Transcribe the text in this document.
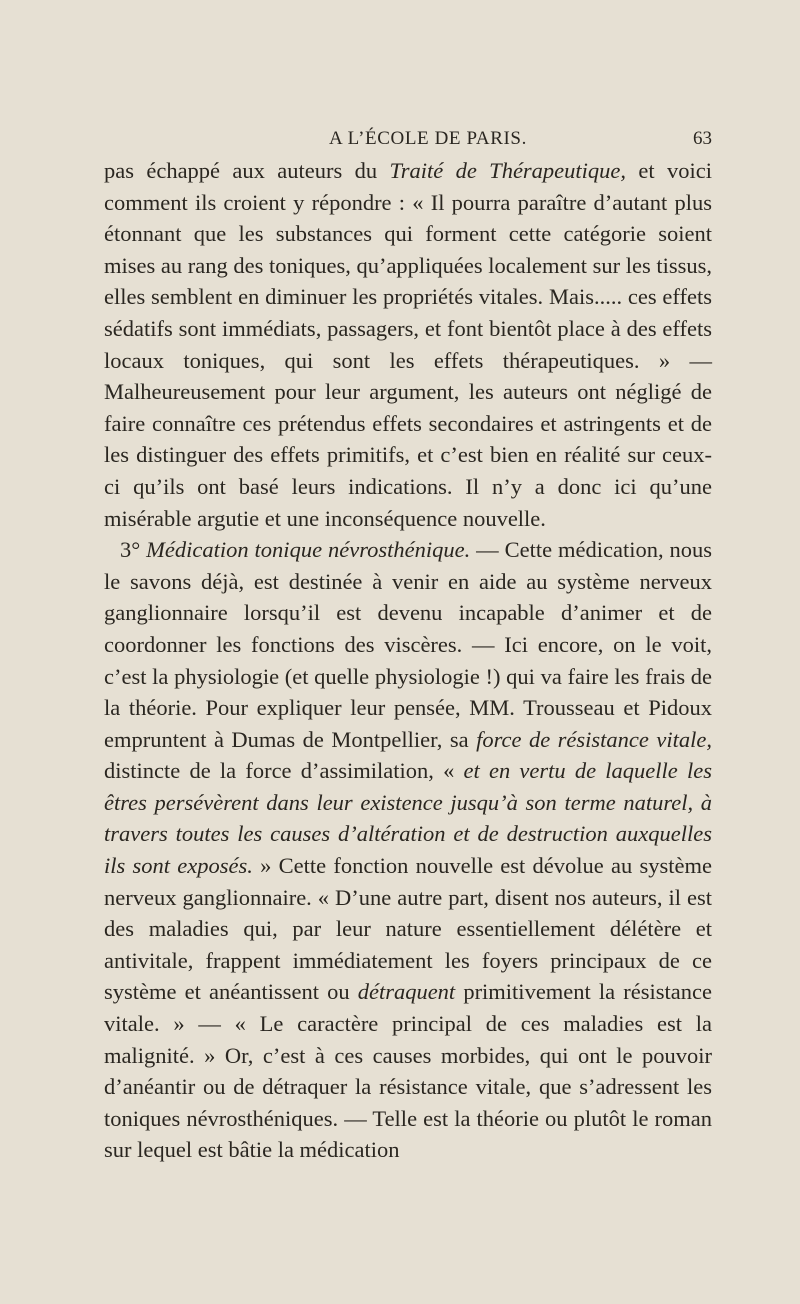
A L’ÉCOLE DE PARIS.	63

pas échappé aux auteurs du Traité de Thérapeutique, et voici comment ils croient y répondre : « Il pourra paraître d’autant plus étonnant que les substances qui forment cette catégorie soient mises au rang des toniques, qu’appliquées localement sur les tissus, elles semblent en diminuer les propriétés vitales. Mais..... ces effets sédatifs sont immédiats, passagers, et font bientôt place à des effets locaux toniques, qui sont les effets thérapeutiques. » — Malheureusement pour leur argument, les auteurs ont négligé de faire connaître ces prétendus effets secondaires et astringents et de les distinguer des effets primitifs, et c’est bien en réalité sur ceux-ci qu’ils ont basé leurs indications. Il n’y a donc ici qu’une misérable argutie et une inconséquence nouvelle.

3° Médication tonique névrosthénique. — Cette médication, nous le savons déjà, est destinée à venir en aide au système nerveux ganglionnaire lorsqu’il est devenu incapable d’animer et de coordonner les fonctions des viscères. — Ici encore, on le voit, c’est la physiologie (et quelle physiologie !) qui va faire les frais de la théorie. Pour expliquer leur pensée, MM. Trousseau et Pidoux empruntent à Dumas de Montpellier, sa force de résistance vitale, distincte de la force d’assimilation, « et en vertu de laquelle les êtres persévèrent dans leur existence jusqu’à son terme naturel, à travers toutes les causes d’altération et de destruction auxquelles ils sont exposés. » Cette fonction nouvelle est dévolue au système nerveux ganglionnaire. « D’une autre part, disent nos auteurs, il est des maladies qui, par leur nature essentiellement délétère et antivitale, frappent immédiatement les foyers principaux de ce système et anéantissent ou détraquent primitivement la résistance vitale. » — « Le caractère principal de ces maladies est la malignité. » Or, c’est à ces causes morbides, qui ont le pouvoir d’anéantir ou de détraquer la résistance vitale, que s’adressent les toniques névrosthéniques. — Telle est la théorie ou plutôt le roman sur lequel est bâtie la médication
